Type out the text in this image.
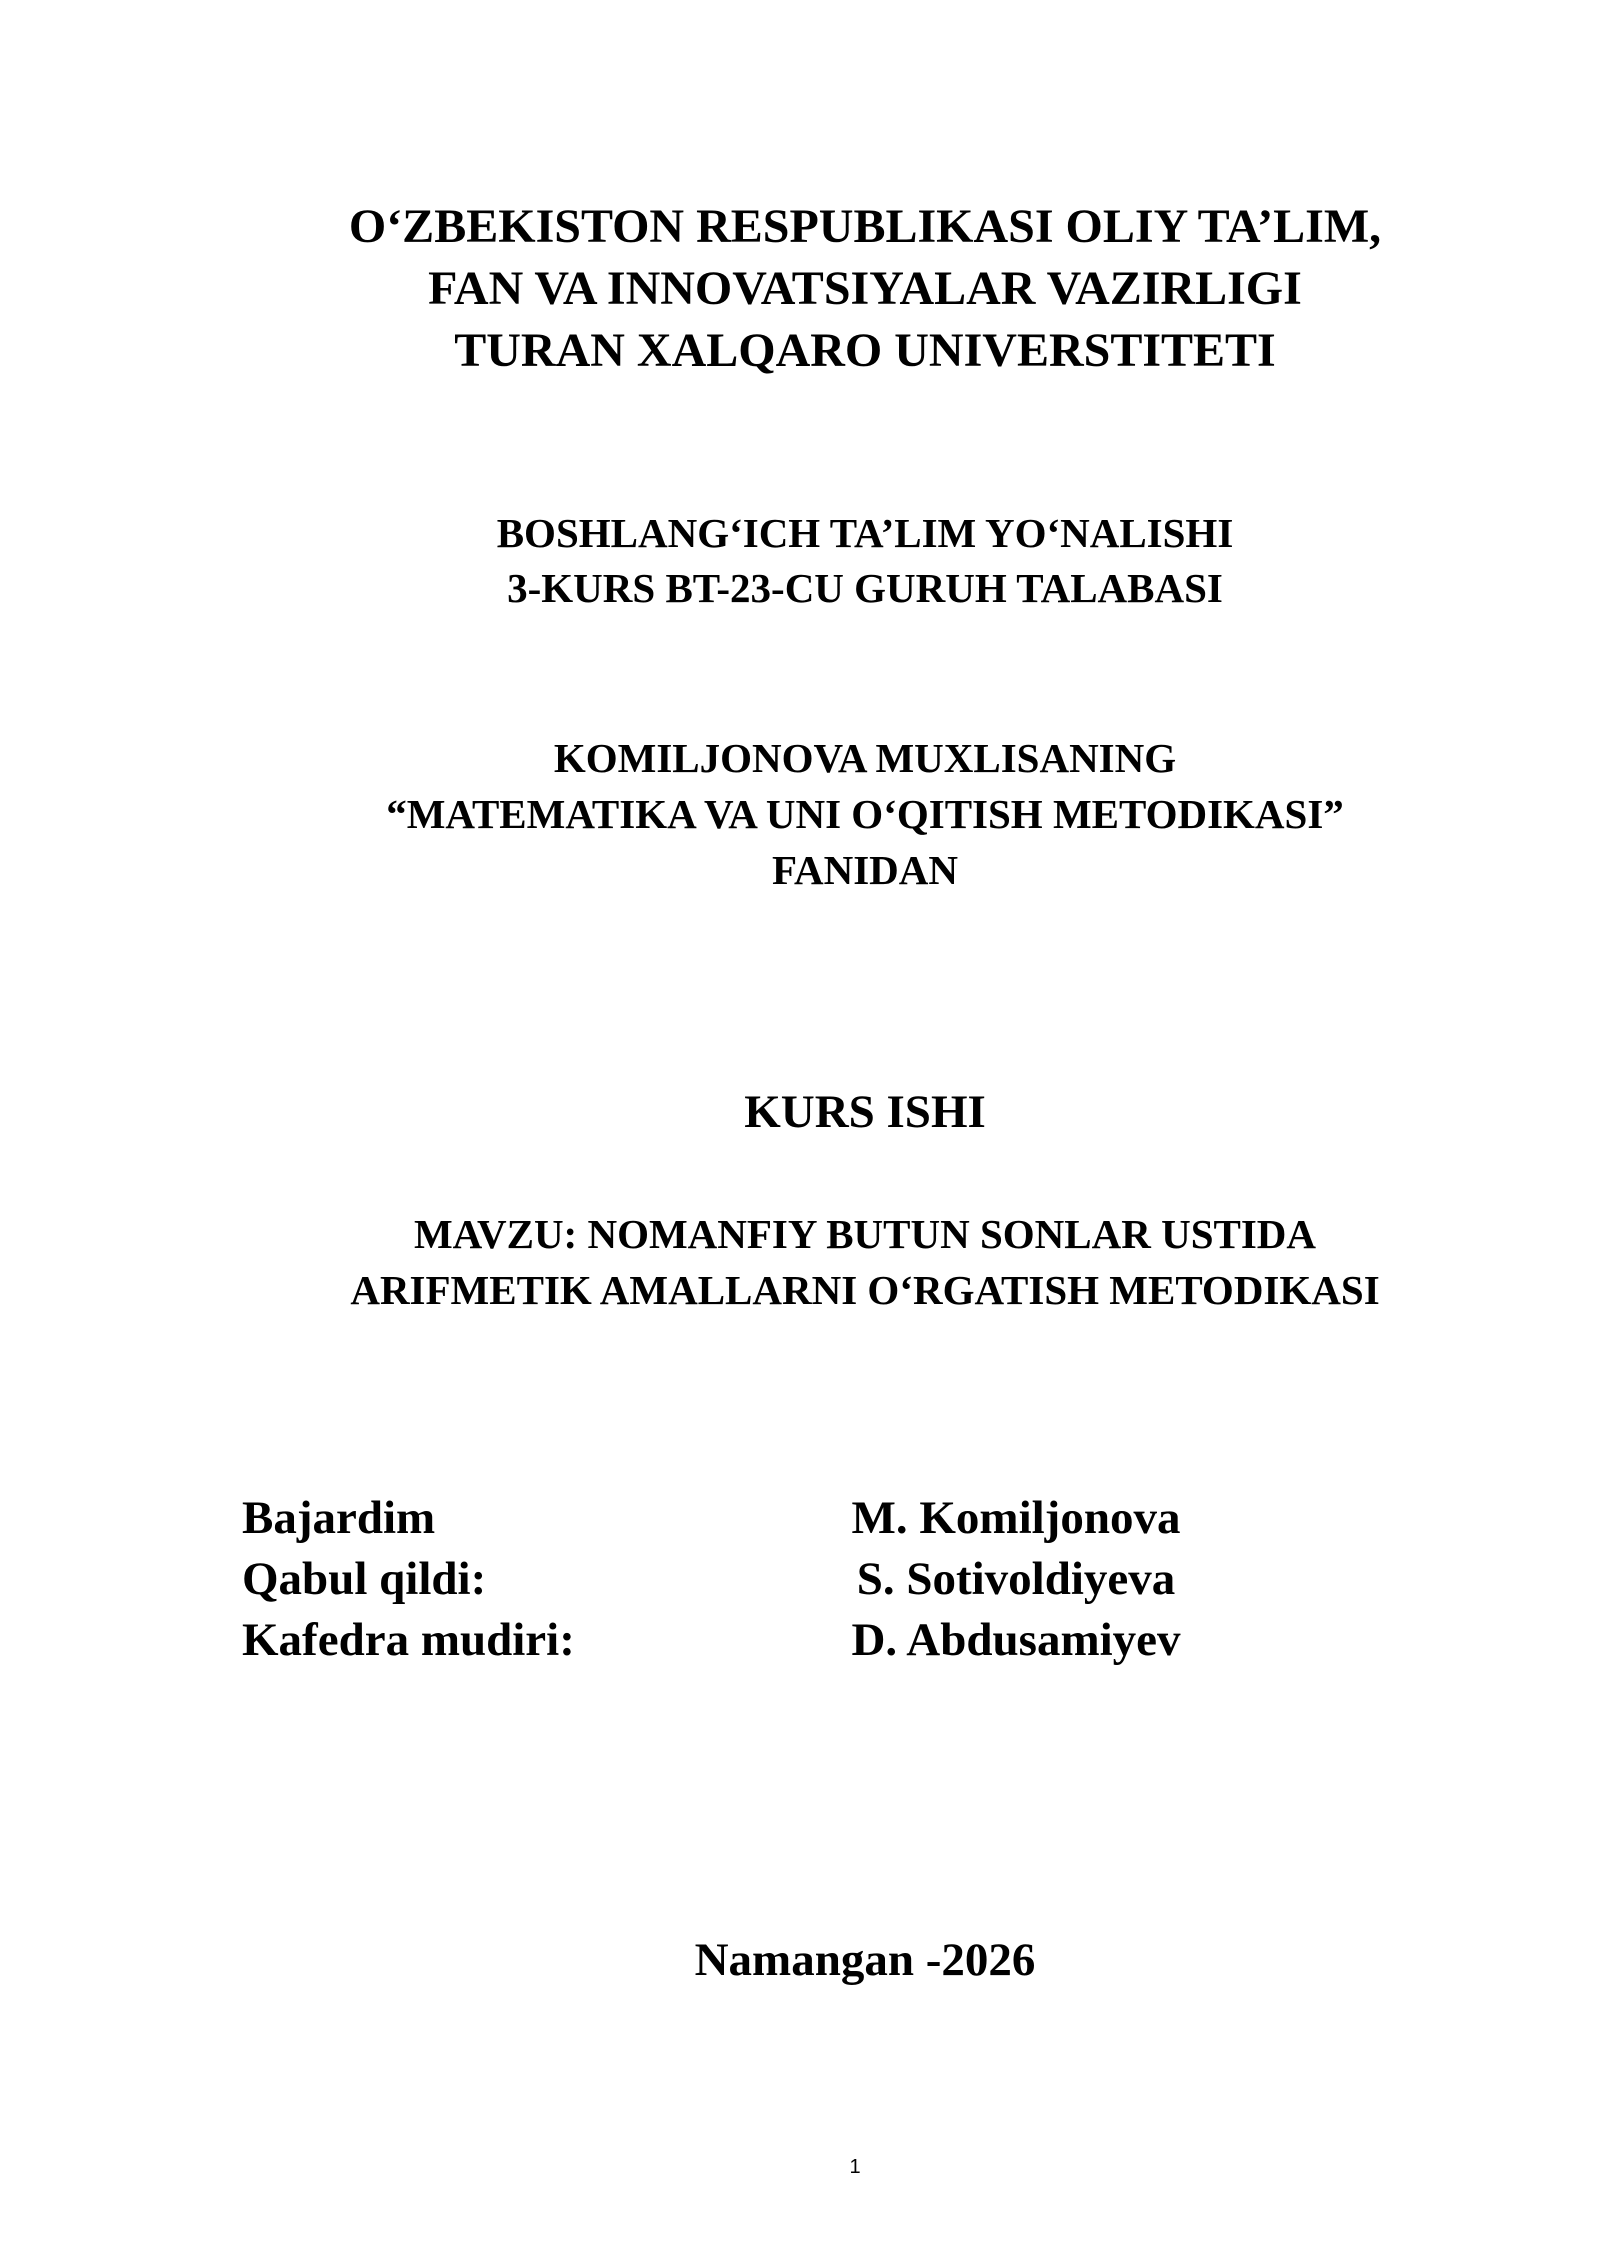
O‘ZBEKISTON RESPUBLIKASI OLIY TA’LIM,
FAN VA INNOVATSIYALAR VAZIRLIGI
TURAN XALQARO UNIVERSTITETI
BOSHLANG‘ICH TA’LIM YO‘NALISHI
3-KURS BT-23-CU GURUH TALABASI
KOMILJONOVA MUXLISANING
“MATEMATIKA VA UNI O‘QITISH METODIKASI”
FANIDAN
KURS ISHI
MAVZU: NOMANFIY BUTUN SONLAR USTIDA
ARIFMETIK AMALLARNI O‘RGATISH METODIKASI
Bajardim	M. Komiljonova
Qabul qildi:	S. Sotivoldiyeva
Kafedra mudiri:	D. Abdusamiyev
Namangan -2026
1
